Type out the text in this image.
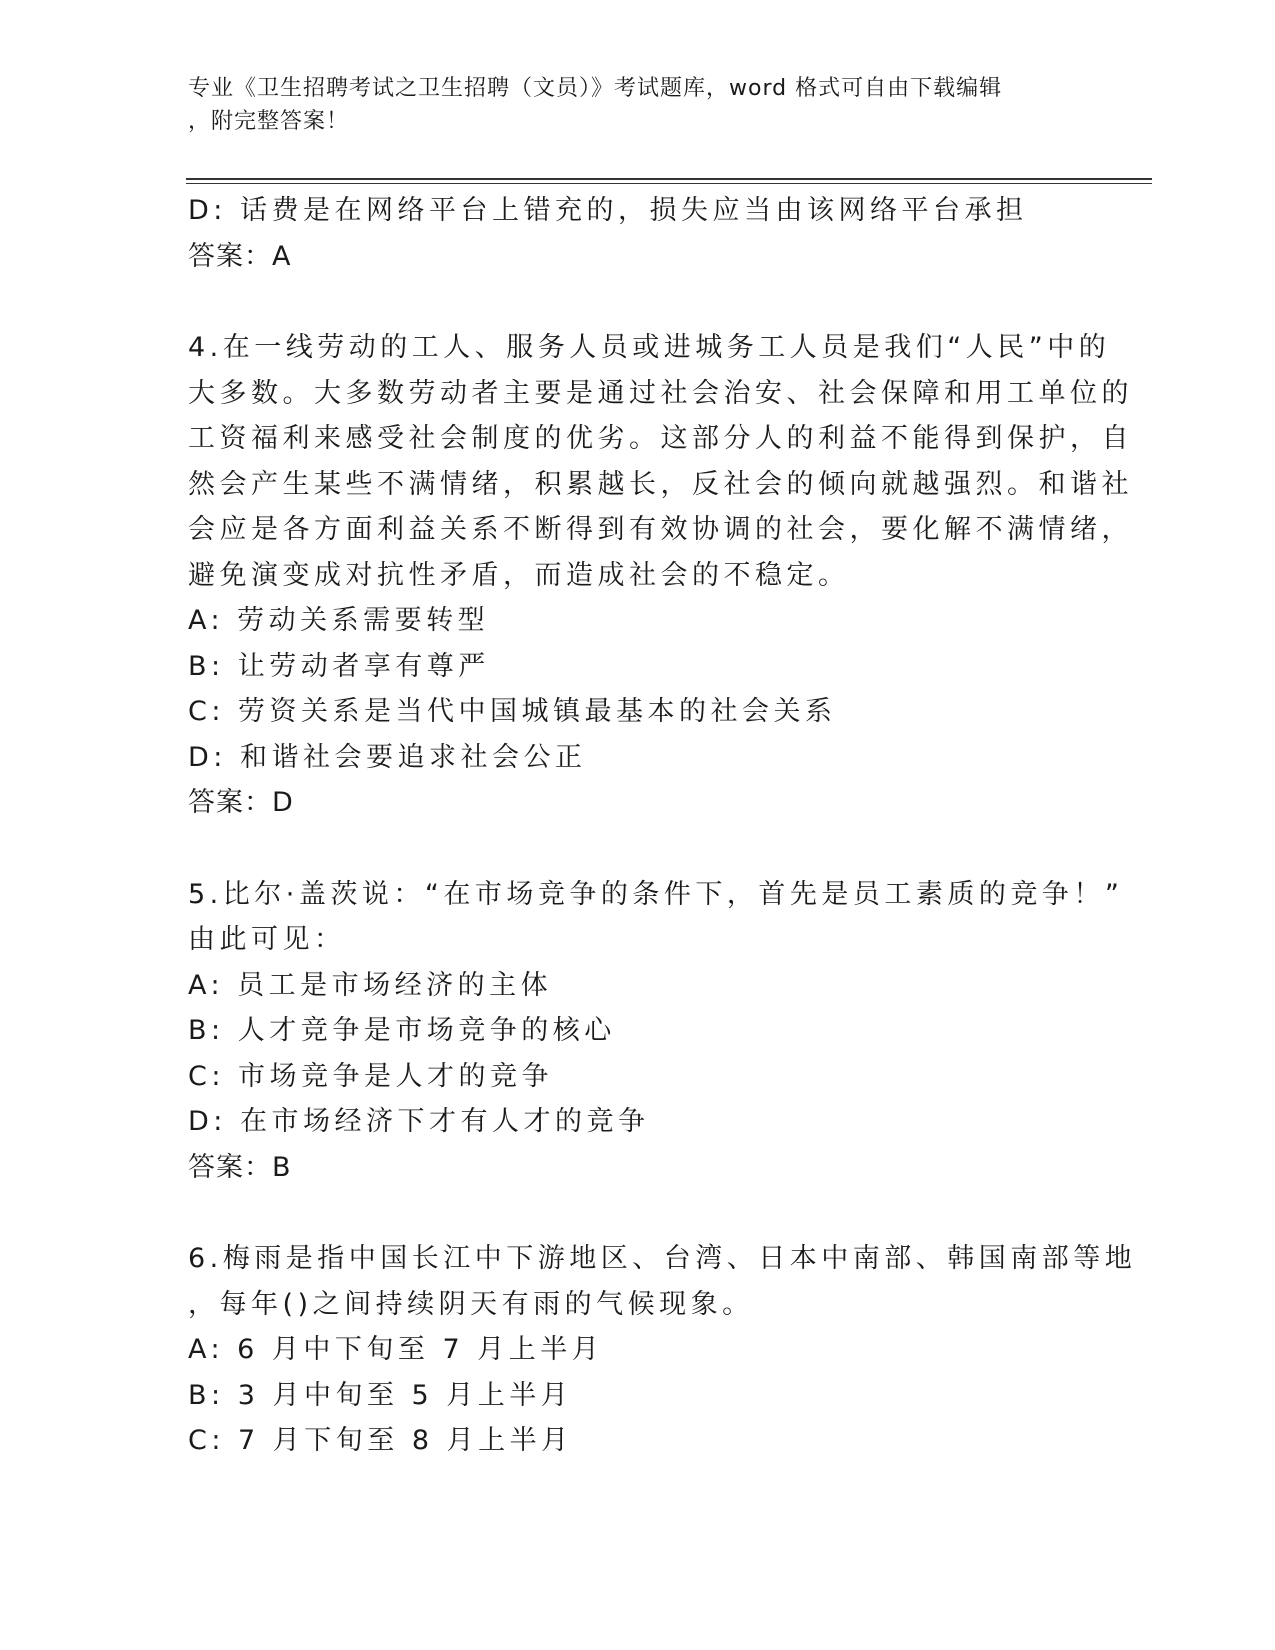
专业《卫生招聘考试之卫生招聘（文员）》考试题库，word 格式可自由下载编辑
，附完整答案！
D: 话费是在网络平台上错充的，损失应当由该网络平台承担
答案：A
4.在一线劳动的工人、服务人员或进城务工人员是我们“人民”中的
大多数。大多数劳动者主要是通过社会治安、社会保障和用工单位的
工资福利来感受社会制度的优劣。这部分人的利益不能得到保护，自
然会产生某些不满情绪，积累越长，反社会的倾向就越强烈。和谐社
会应是各方面利益关系不断得到有效协调的社会，要化解不满情绪，
避免演变成对抗性矛盾，而造成社会的不稳定。
A: 劳动关系需要转型
B: 让劳动者享有尊严
C: 劳资关系是当代中国城镇最基本的社会关系
D: 和谐社会要追求社会公正
答案：D
5.比尔·盖茨说：“在市场竞争的条件下，首先是员工素质的竞争！”
由此可见：
A: 员工是市场经济的主体
B: 人才竞争是市场竞争的核心
C: 市场竞争是人才的竞争
D: 在市场经济下才有人才的竞争
答案：B
6.梅雨是指中国长江中下游地区、台湾、日本中南部、韩国南部等地
，每年()之间持续阴天有雨的气候现象。
A: 6 月中下旬至 7 月上半月
B: 3 月中旬至 5 月上半月
C: 7 月下旬至 8 月上半月
